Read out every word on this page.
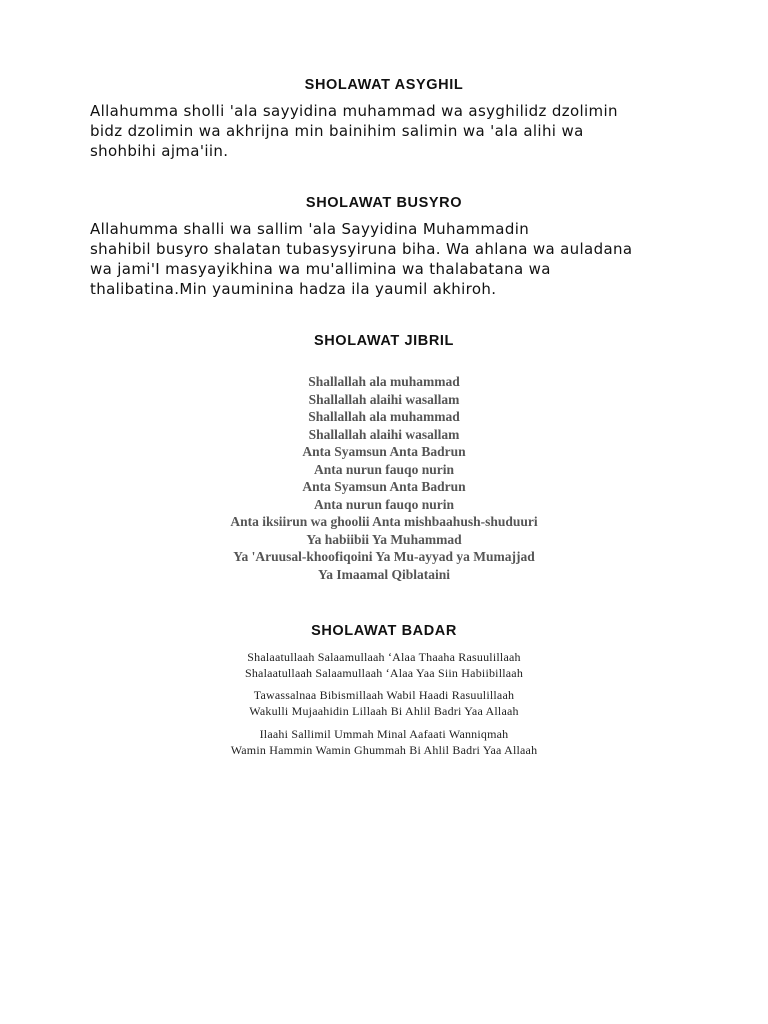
SHOLAWAT ASYGHIL

Allahumma sholli 'ala sayyidina muhammad wa asyghilidz dzolimin
bidz dzolimin wa akhrijna min bainihim salimin wa 'ala alihi wa
shohbihi ajma'iin.

SHOLAWAT BUSYRO

Allahumma shalli wa sallim 'ala Sayyidina Muhammadin
shahibil busyro shalatan tubasysyiruna biha. Wa ahlana wa auladana
wa jami'I masyayikhina wa mu'allimina wa thalabatana wa
thalibatina.Min yauminina hadza ila yaumil akhiroh.

SHOLAWAT JIBRIL

Shallallah ala muhammad
Shallallah alaihi wasallam
Shallallah ala muhammad
Shallallah alaihi wasallam
Anta Syamsun Anta Badrun
Anta nurun fauqo nurin
Anta Syamsun Anta Badrun
Anta nurun fauqo nurin
Anta iksiirun wa ghoolii Anta mishbaahush-shuduuri
Ya habiibii Ya Muhammad
Ya 'Aruusal-khoofiqoini Ya Mu-ayyad ya Mumajjad
Ya Imaamal Qiblataini

SHOLAWAT BADAR

Shalaatullaah Salaamullaah ‘Alaa Thaaha Rasuulillaah
Shalaatullaah Salaamullaah ‘Alaa Yaa Siin Habiibillaah

Tawassalnaa Bibismillaah Wabil Haadi Rasuulillaah
Wakulli Mujaahidin Lillaah Bi Ahlil Badri Yaa Allaah

Ilaahi Sallimil Ummah Minal Aafaati Wanniqmah
Wamin Hammin Wamin Ghummah Bi Ahlil Badri Yaa Allaah
